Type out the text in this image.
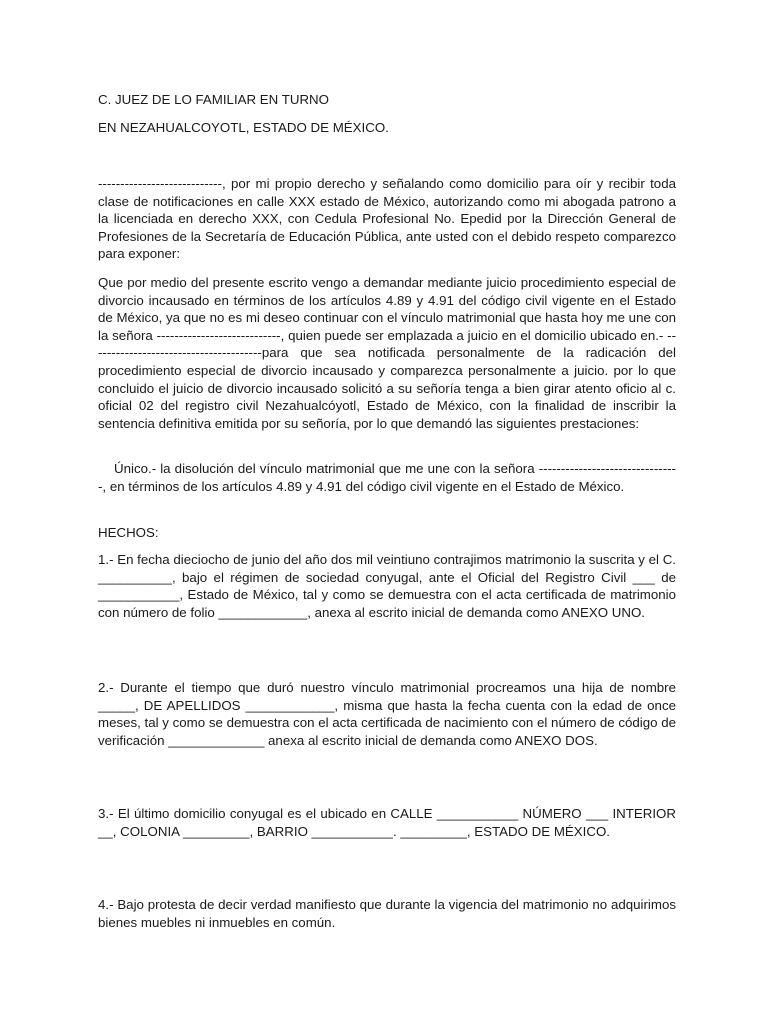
C. JUEZ DE LO FAMILIAR EN TURNO
EN NEZAHUALCOYOTL, ESTADO DE MÉXICO.

----------------------------, por mi propio derecho y señalando como domicilio para oír y recibir toda clase de notificaciones en calle XXX estado de México, autorizando como mi abogada patrono a la licenciada en derecho XXX, con Cedula Profesional No. Epedid por la Dirección General de Profesiones de la Secretaría de Educación Pública, ante usted con el debido respeto comparezco para exponer:

Que por medio del presente escrito vengo a demandar mediante juicio procedimiento especial de divorcio incausado en términos de los artículos 4.89 y 4.91 del código civil vigente en el Estado de México, ya que no es mi deseo continuar con el vínculo matrimonial que hasta hoy me une con la señora ----------------------------, quien puede ser emplazada a juicio en el domicilio ubicado en.- ---------------------------------------para que sea notificada personalmente de la radicación del procedimiento especial de divorcio incausado y comparezca personalmente a juicio. por lo que concluido el juicio de divorcio incausado solicitó a su señoría tenga a bien girar atento oficio al c. oficial 02 del registro civil Nezahualcóyotl, Estado de México, con la finalidad de inscribir la sentencia definitiva emitida por su señoría, por lo que demandó las siguientes prestaciones:

Único.- la disolución del vínculo matrimonial que me une con la señora --------------------------------, en términos de los artículos 4.89 y 4.91 del código civil vigente en el Estado de México.

HECHOS:

1.- En fecha dieciocho de junio del año dos mil veintiuno contrajimos matrimonio la suscrita y el C. __________, bajo el régimen de sociedad conyugal, ante el Oficial del Registro Civil ___ de ___________, Estado de México, tal y como se demuestra con el acta certificada de matrimonio con número de folio ____________, anexa al escrito inicial de demanda como ANEXO UNO.

2.- Durante el tiempo que duró nuestro vínculo matrimonial procreamos una hija de nombre _____, DE APELLIDOS ____________, misma que hasta la fecha cuenta con la edad de once meses, tal y como se demuestra con el acta certificada de nacimiento con el número de código de verificación _____________ anexa al escrito inicial de demanda como ANEXO DOS.

3.- El último domicilio conyugal es el ubicado en CALLE ___________ NÚMERO ___ INTERIOR __, COLONIA _________, BARRIO ___________. _________, ESTADO DE MÉXICO.

4.- Bajo protesta de decir verdad manifiesto que durante la vigencia del matrimonio no adquirimos bienes muebles ni inmuebles en común.
